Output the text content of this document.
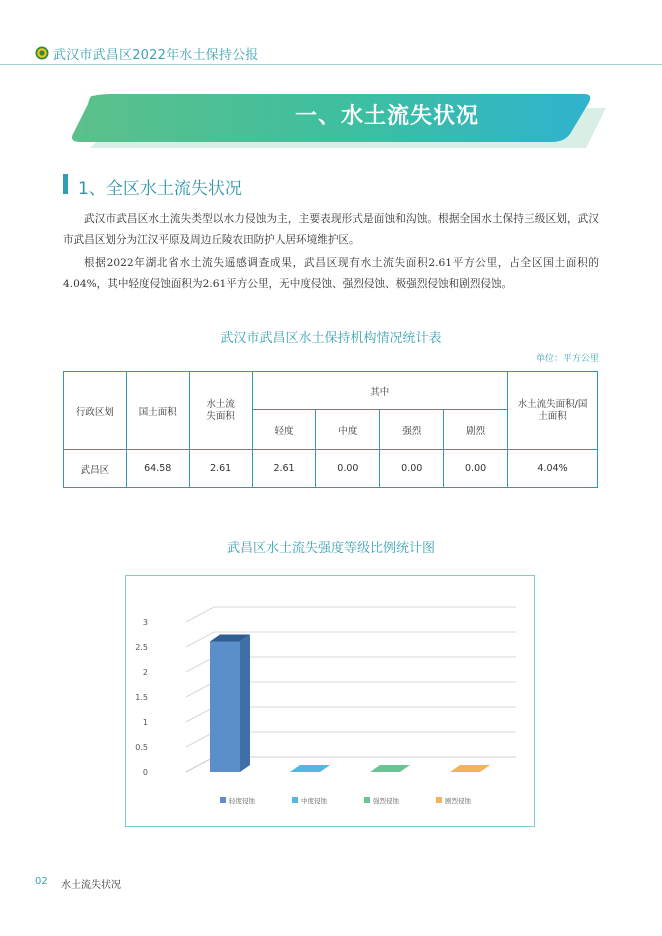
武汉市武昌区2022年水土保持公报
一、水土流失状况
1、全区水土流失状况

武汉市武昌区水土流失类型以水力侵蚀为主，主要表现形式是面蚀和沟蚀。根据全国水土保持三级区划，武汉市武昌区划分为江汉平原及周边丘陵农田防护人居环境维护区。

根据2022年湖北省水土流失遥感调查成果，武昌区现有水土流失面积2.61平方公里，占全区国土面积的4.04%，其中轻度侵蚀面积为2.61平方公里，无中度侵蚀、强烈侵蚀、极强烈侵蚀和剧烈侵蚀。

武汉市武昌区水土保持机构情况统计表
单位：平方公里
行政区划	国土面积	水土流失面积	其中				水土流失面积/国土面积

			轻度	中度	强烈	剧烈	
武昌区	64.58	2.61	2.61	0.00	0.00	0.00	4.04%
武昌区水土流失强度等级比例统计图
0
0.5
1
1.5
2
2.5
3
轻度侵蚀	中度侵蚀	强烈侵蚀	剧烈侵蚀
02 水土流失状况
